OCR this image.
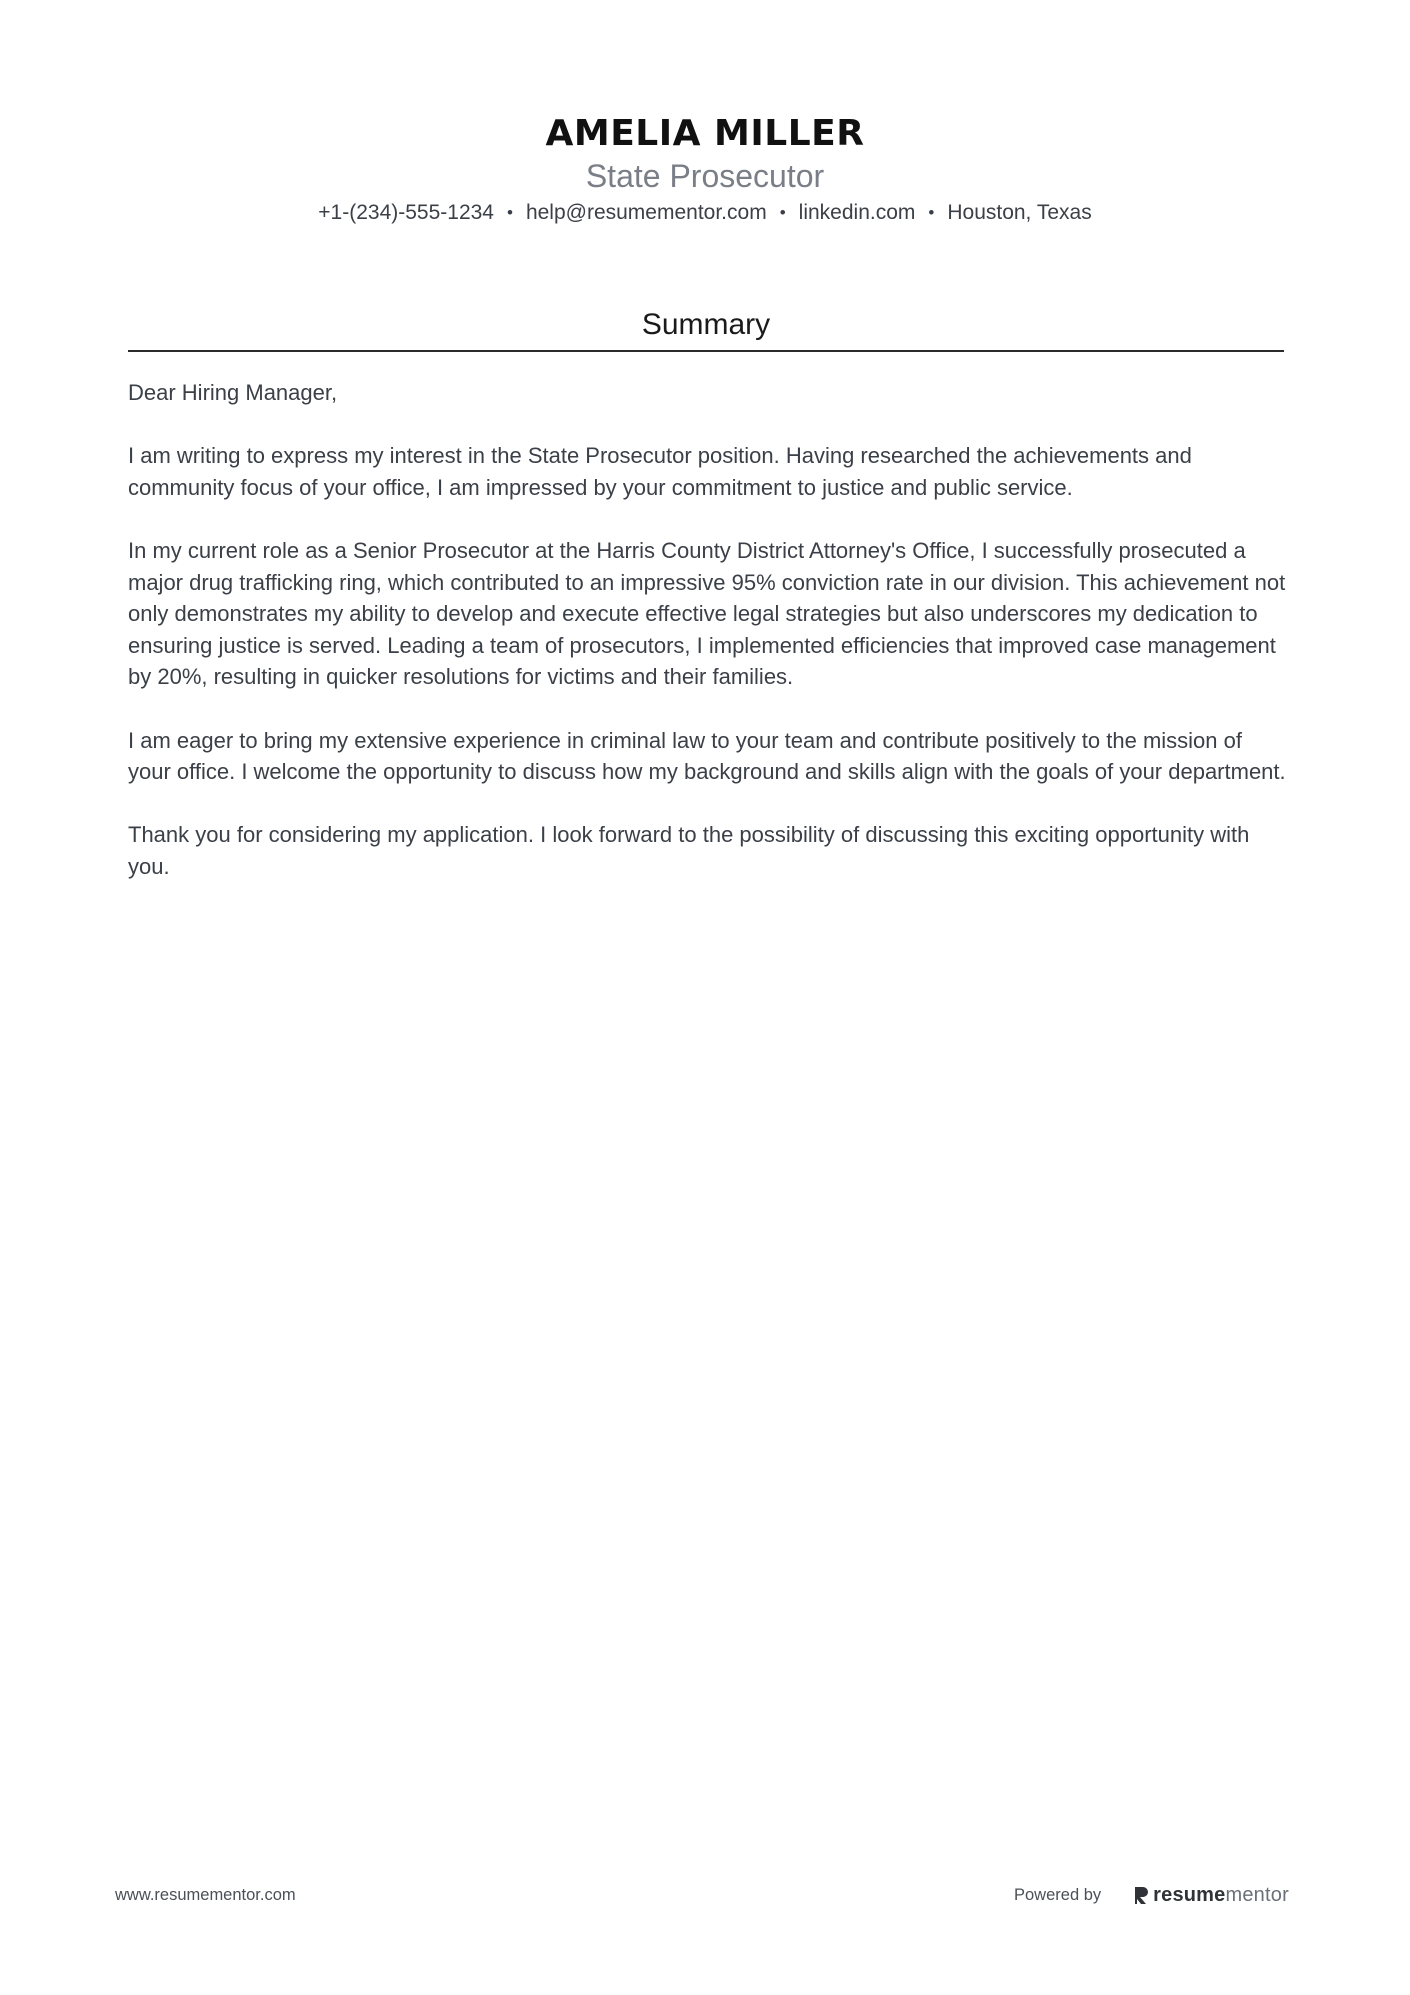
AMELIA MILLER
State Prosecutor
+1-(234)-555-1234 • help@resumementor.com • linkedin.com • Houston, Texas
Summary

Dear Hiring Manager,

I am writing to express my interest in the State Prosecutor position. Having researched the achievements and community focus of your office, I am impressed by your commitment to justice and public service.

In my current role as a Senior Prosecutor at the Harris County District Attorney's Office, I successfully prosecuted a major drug trafficking ring, which contributed to an impressive 95% conviction rate in our division. This achievement not only demonstrates my ability to develop and execute effective legal strategies but also underscores my dedication to ensuring justice is served. Leading a team of prosecutors, I implemented efficiencies that improved case management by 20%, resulting in quicker resolutions for victims and their families.

I am eager to bring my extensive experience in criminal law to your team and contribute positively to the mission of your office. I welcome the opportunity to discuss how my background and skills align with the goals of your department.

Thank you for considering my application. I look forward to the possibility of discussing this exciting opportunity with you.

www.resumementor.com	Powered by	resume mentor
